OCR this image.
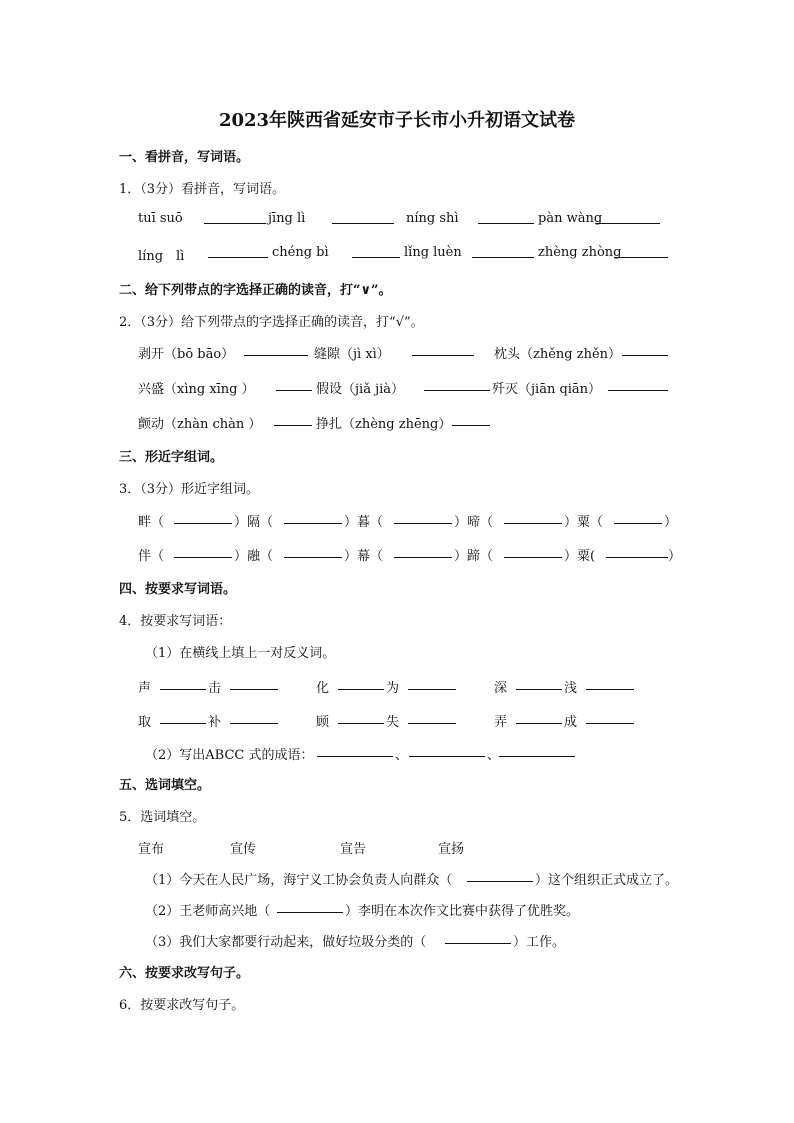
2023年陕西省延安市子长市小升初语文试卷
一、看拼音，写词语。
1．（3分）看拼音，写词语。
tuī suō	jīng lì	níng shì	pàn wàng
líng　lì	chéng bì	lǐng luèn	zhèng zhòng
二、给下列带点的字选择正确的读音，打“∨”。
2．（3分）给下列带点的字选择正确的读音，打“√”。
剥开（bō bāo）	缝隙（jì xì）	枕头（zhěng zhěn）
兴盛（xìng xīng ）	假设（jiǎ jià）	歼灭（jiān qiān）
颤动（zhàn chàn ）	挣扎（zhèng zhēng）
三、形近字组词。
3．（3分）形近字组词。
畔（	）隔（	）暮（	）啼（	）粟（	）
伴（	）融（	）幕（	）蹄（	）粟(	）
四、按要求写词语。
4．按要求写词语：
（1）在横线上填上一对反义词。
声	击	化	为	深	浅
取	补	顾	失	弄	成
（2）写出ABCC 式的成语：	、	、
五、选词填空。
5．选词填空。
宣布	宣传	宣告	宣扬
（1）今天在人民广场，海宁义工协会负责人向群众（	）这个组织正式成立了。
（2）王老师高兴地（	）李明在本次作文比赛中获得了优胜奖。
（3）我们大家都要行动起来，做好垃圾分类的（	）工作。
六、按要求改写句子。
6．按要求改写句子。
